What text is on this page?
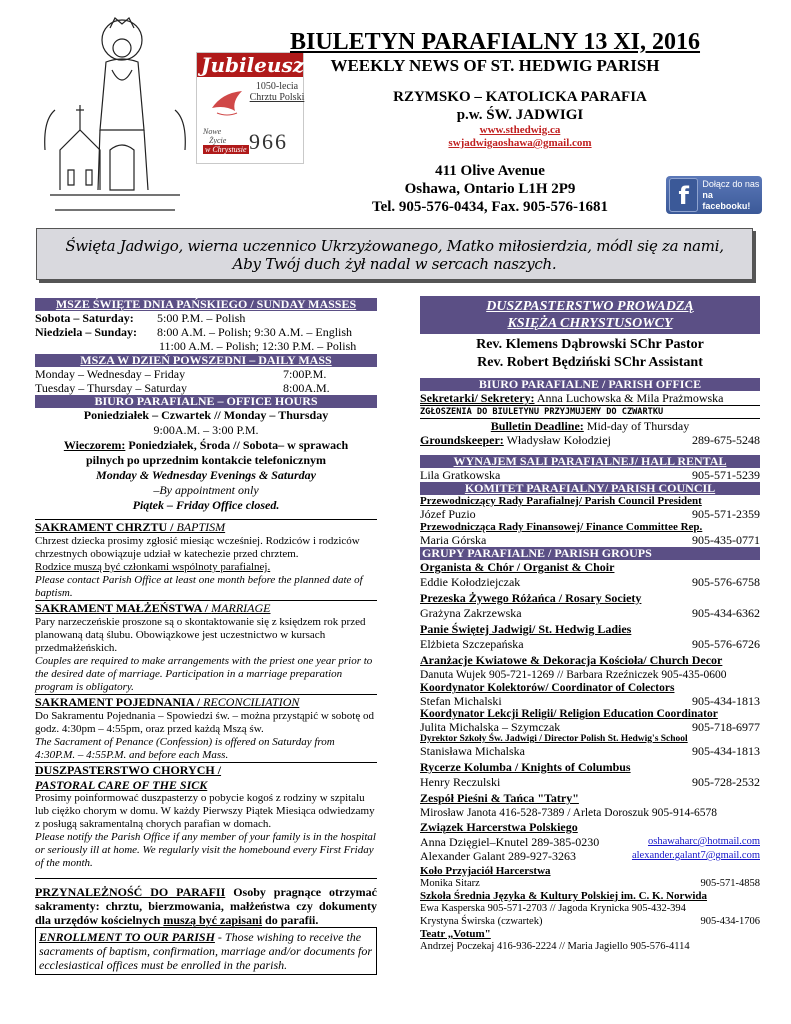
Jubileusz
1050-lecia
Chrztu Polski
Nowe
Życie
w Chrystusie 966
BIULETYN PARAFIALNY 13 XI, 2016
WEEKLY NEWS OF ST. HEDWIG PARISH
RZYMSKO – KATOLICKA PARAFIA
p.w. ŚW. JADWIGI
www.sthedwig.ca
swjadwigaoshawa@gmail.com
411 Olive Avenue
Oshawa, Ontario L1H 2P9
Tel. 905-576-0434, Fax. 905-576-1681	f	Dołącz do nas
na facebooku!
Święta Jadwigo, wierna uczennico Ukrzyżowanego, Matko miłosierdzia, módl się za nami,
Aby Twój duch żył nadal w sercach naszych.
MSZE ŚWIĘTE DNIA PAŃSKIEGO / SUNDAY MASSES
Sobota – Saturday:	5:00 P.M. – Polish
Niedziela – Sunday:	8:00 A.M. – Polish; 9:30 A.M. – English
11:00 A.M. – Polish; 12:30 P.M. – Polish
MSZA W DZIEŃ POWSZEDNI – DAILY MASS
Monday – Wednesday – Friday	7:00P.M.
Tuesday – Thursday – Saturday	8:00A.M.
BIURO PARAFIALNE – OFFICE HOURS
Poniedziałek – Czwartek // Monday – Thursday
9:00A.M. – 3:00 P.M.
Wieczorem: Poniedziałek, Środa // Sobota– w sprawach pilnych po uprzednim kontakcie telefonicznym
Monday & Wednesday Evenings & Saturday
–By appointment only
Piątek – Friday Office closed.
SAKRAMENT CHRZTU / BAPTISM

Chrzest dziecka prosimy zgłosić miesiąc wcześniej. Rodziców i rodziców chrzestnych obowiązuje udział w katechezie przed chrztem.

Rodzice muszą być członkami wspólnoty parafialnej.

Please contact Parish Office at least one month before the planned date of baptism.

SAKRAMENT MAŁŻEŃSTWA / MARRIAGE

Pary narzeczeńskie proszone są o skontaktowanie się z księdzem rok przed planowaną datą ślubu. Obowiązkowe jest uczestnictwo w kursach przedmałżeńskich.

Couples are required to make arrangements with the priest one year prior to the desired date of marriage. Participation in a marriage preparation program is obligatory.

SAKRAMENT POJEDNANIA / RECONCILIATION

Do Sakramentu Pojednania – Spowiedzi św. – można przystąpić w sobotę od godz. 4:30pm – 4:55pm, oraz przed każdą Mszą św.

The Sacrament of Penance (Confession) is offered on Saturday from 4:30P.M. – 4:55P.M. and before each Mass.

DUSZPASTERSTWO CHORYCH /
PASTORAL CARE OF THE SICK

Prosimy poinformować duszpasterzy o pobycie kogoś z rodziny w szpitalu lub ciężko chorym w domu. W każdy Pierwszy Piątek Miesiąca odwiedzamy z posługą sakramentalną chorych parafian w domach.

Please notify the Parish Office if any member of your family is in the hospital or seriously ill at home. We regularly visit the homebound every First Friday of the month.

PRZYNALEŻNOŚĆ DO PARAFII Osoby pragnące otrzymać sakramenty: chrztu, bierzmowania, małżeństwa czy dokumenty dla urzędów kościelnych muszą być zapisani do parafii.
ENROLLMENT TO OUR PARISH - Those wishing to receive the sacraments of baptism, confirmation, marriage and/or documents for ecclesiastical offices must be enrolled in the parish.
DUSZPASTERSTWO PROWADZĄ
KSIĘŻA CHRYSTUSOWCY
Rev. Klemens Dąbrowski SChr Pastor
Rev. Robert Będziński SChr Assistant
BIURO PARAFIALNE / PARISH OFFICE
Sekretarki/ Sekretery: Anna Luchowska & Mila Prażmowska
ZGŁOSZENIA DO BIULETYNU PRZYJMUJEMY DO CZWARTKU
Bulletin Deadline: Mid-day of Thursday
Groundskeeper: Władysław Kołodziej	289-675-5248
WYNAJEM SALI PARAFIALNEJ/ HALL RENTAL
Lila Gratkowska	905-571-5239
KOMITET PARAFIALNY/ PARISH COUNCIL
Przewodniczący Rady Parafialnej/ Parish Council President
Józef Puzio	905-571-2359
Przewodnicząca Rady Finansowej/ Finance Committee Rep.
Maria Górska	905-435-0771
GRUPY PARAFIALNE / PARISH GROUPS
Organista & Chór / Organist & Choir
Eddie Kołodziejczak	905-576-6758
Prezeska Żywego Różańca / Rosary Society
Grażyna Zakrzewska	905-434-6362
Panie Świętej Jadwigi/ St. Hedwig Ladies
Elżbieta Szczepańska	905-576-6726
Aranżacje Kwiatowe & Dekoracja Kościoła/ Church Decor
Danuta Wujek 905-721-1269 // Barbara Rzeźniczek 905-435-0600
Koordynator Kolektorów/ Coordinator of Colectors
Stefan Michalski	905-434-1813
Koordynator Lekcji Religii/ Religion Education Coordinator
Julita Michalska – Szymczak	905-718-6977
Dyrektor Szkoły Św. Jadwigi / Director Polish St. Hedwig's School
Stanisława Michalska	905-434-1813
Rycerze Kolumba / Knights of Columbus
Henry Reczulski	905-728-2532
Zespół Pieśni & Tańca "Tatry"
Mirosław Janota 416-528-7389 / Arleta Doroszuk 905-914-6578
Związek Harcerstwa Polskiego
Anna Dzięgiel–Knutel 289-385-0230	oshawaharc@hotmail.com
Alexander Galant 289-927-3263	alexander.galant7@gmail.com
Koło Przyjaciół Harcerstwa
Monika Sitarz	905-571-4858
Szkoła Średnia Języka & Kultury Polskiej im. C. K. Norwida
Ewa Kasperska 905-571-2703 // Jagoda Krynicka 905-432-394
Krystyna Świrska (czwartek)	905-434-1706
Teatr „Votum"
Andrzej Poczekaj 416-936-2224 // Maria Jagiello 905-576-4114
